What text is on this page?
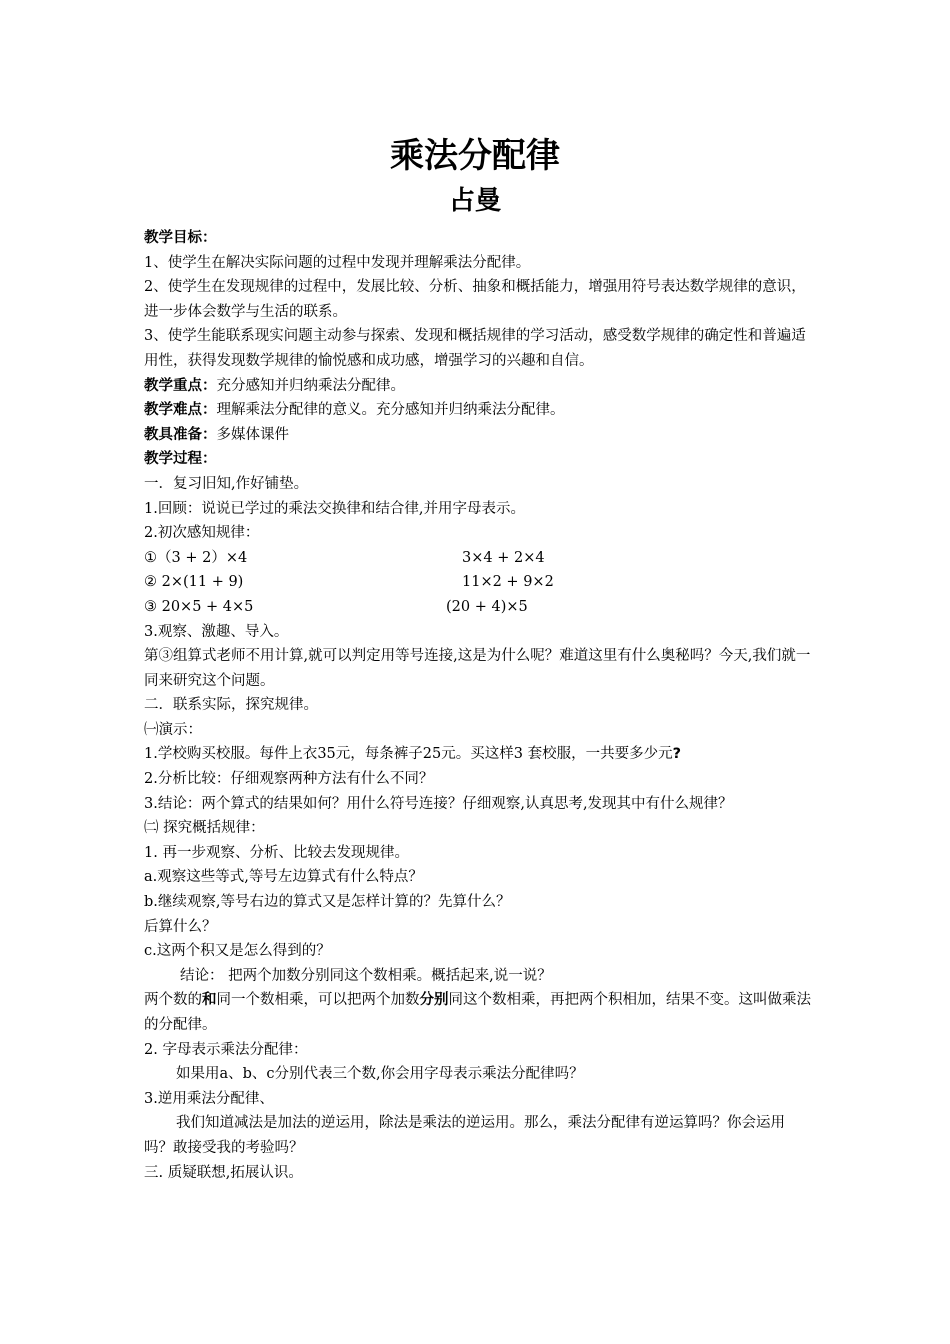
乘法分配律
占曼
教学目标：
1、使学生在解决实际问题的过程中发现并理解乘法分配律。
2、使学生在发现规律的过程中，发展比较、分析、抽象和概括能力，增强用符号表达数学规律的意识，进一步体会数学与生活的联系。
3、使学生能联系现实问题主动参与探索、发现和概括规律的学习活动，感受数学规律的确定性和普遍适用性，获得发现数学规律的愉悦感和成功感，增强学习的兴趣和自信。
教学重点：充分感知并归纳乘法分配律。
教学难点：理解乘法分配律的意义。充分感知并归纳乘法分配律。
教具准备：多媒体课件
教学过程：
一．复习旧知,作好铺垫。
1.回顾：说说已学过的乘法交换律和结合律,并用字母表示。
2.初次感知规律：
①（3 + 2）×4	3×4 + 2×4
② 2×(11 + 9)	11×2 + 9×2
③ 20×5 + 4×5	(20 + 4)×5
3.观察、激趣、导入。
第③组算式老师不用计算,就可以判定用等号连接,这是为什么呢？难道这里有什么奥秘吗？今天,我们就一同来研究这个问题。
二．联系实际，探究规律。
㈠演示：
1.学校购买校服。每件上衣35元，每条裤子25元。买这样3 套校服，一共要多少元?
2.分析比较：仔细观察两种方法有什么不同？
3.结论：两个算式的结果如何？用什么符号连接？仔细观察,认真思考,发现其中有什么规律？
㈡ 探究概括规律：
1. 再一步观察、分析、比较去发现规律。
a.观察这些等式,等号左边算式有什么特点？
b.继续观察,等号右边的算式又是怎样计算的？先算什么？
后算什么？
c.这两个积又是怎么得到的？
结论： 把两个加数分别同这个数相乘。概括起来,说一说？
两个数的和同一个数相乘，可以把两个加数分别同这个数相乘，再把两个积相加，结果不变。这叫做乘法的分配律。
2. 字母表示乘法分配律：
如果用a、b、c分别代表三个数,你会用字母表示乘法分配律吗？
3.逆用乘法分配律、
我们知道减法是加法的逆运用，除法是乘法的逆运用。那么，乘法分配律有逆运算吗？你会运用吗？敢接受我的考验吗？
三. 质疑联想,拓展认识。
